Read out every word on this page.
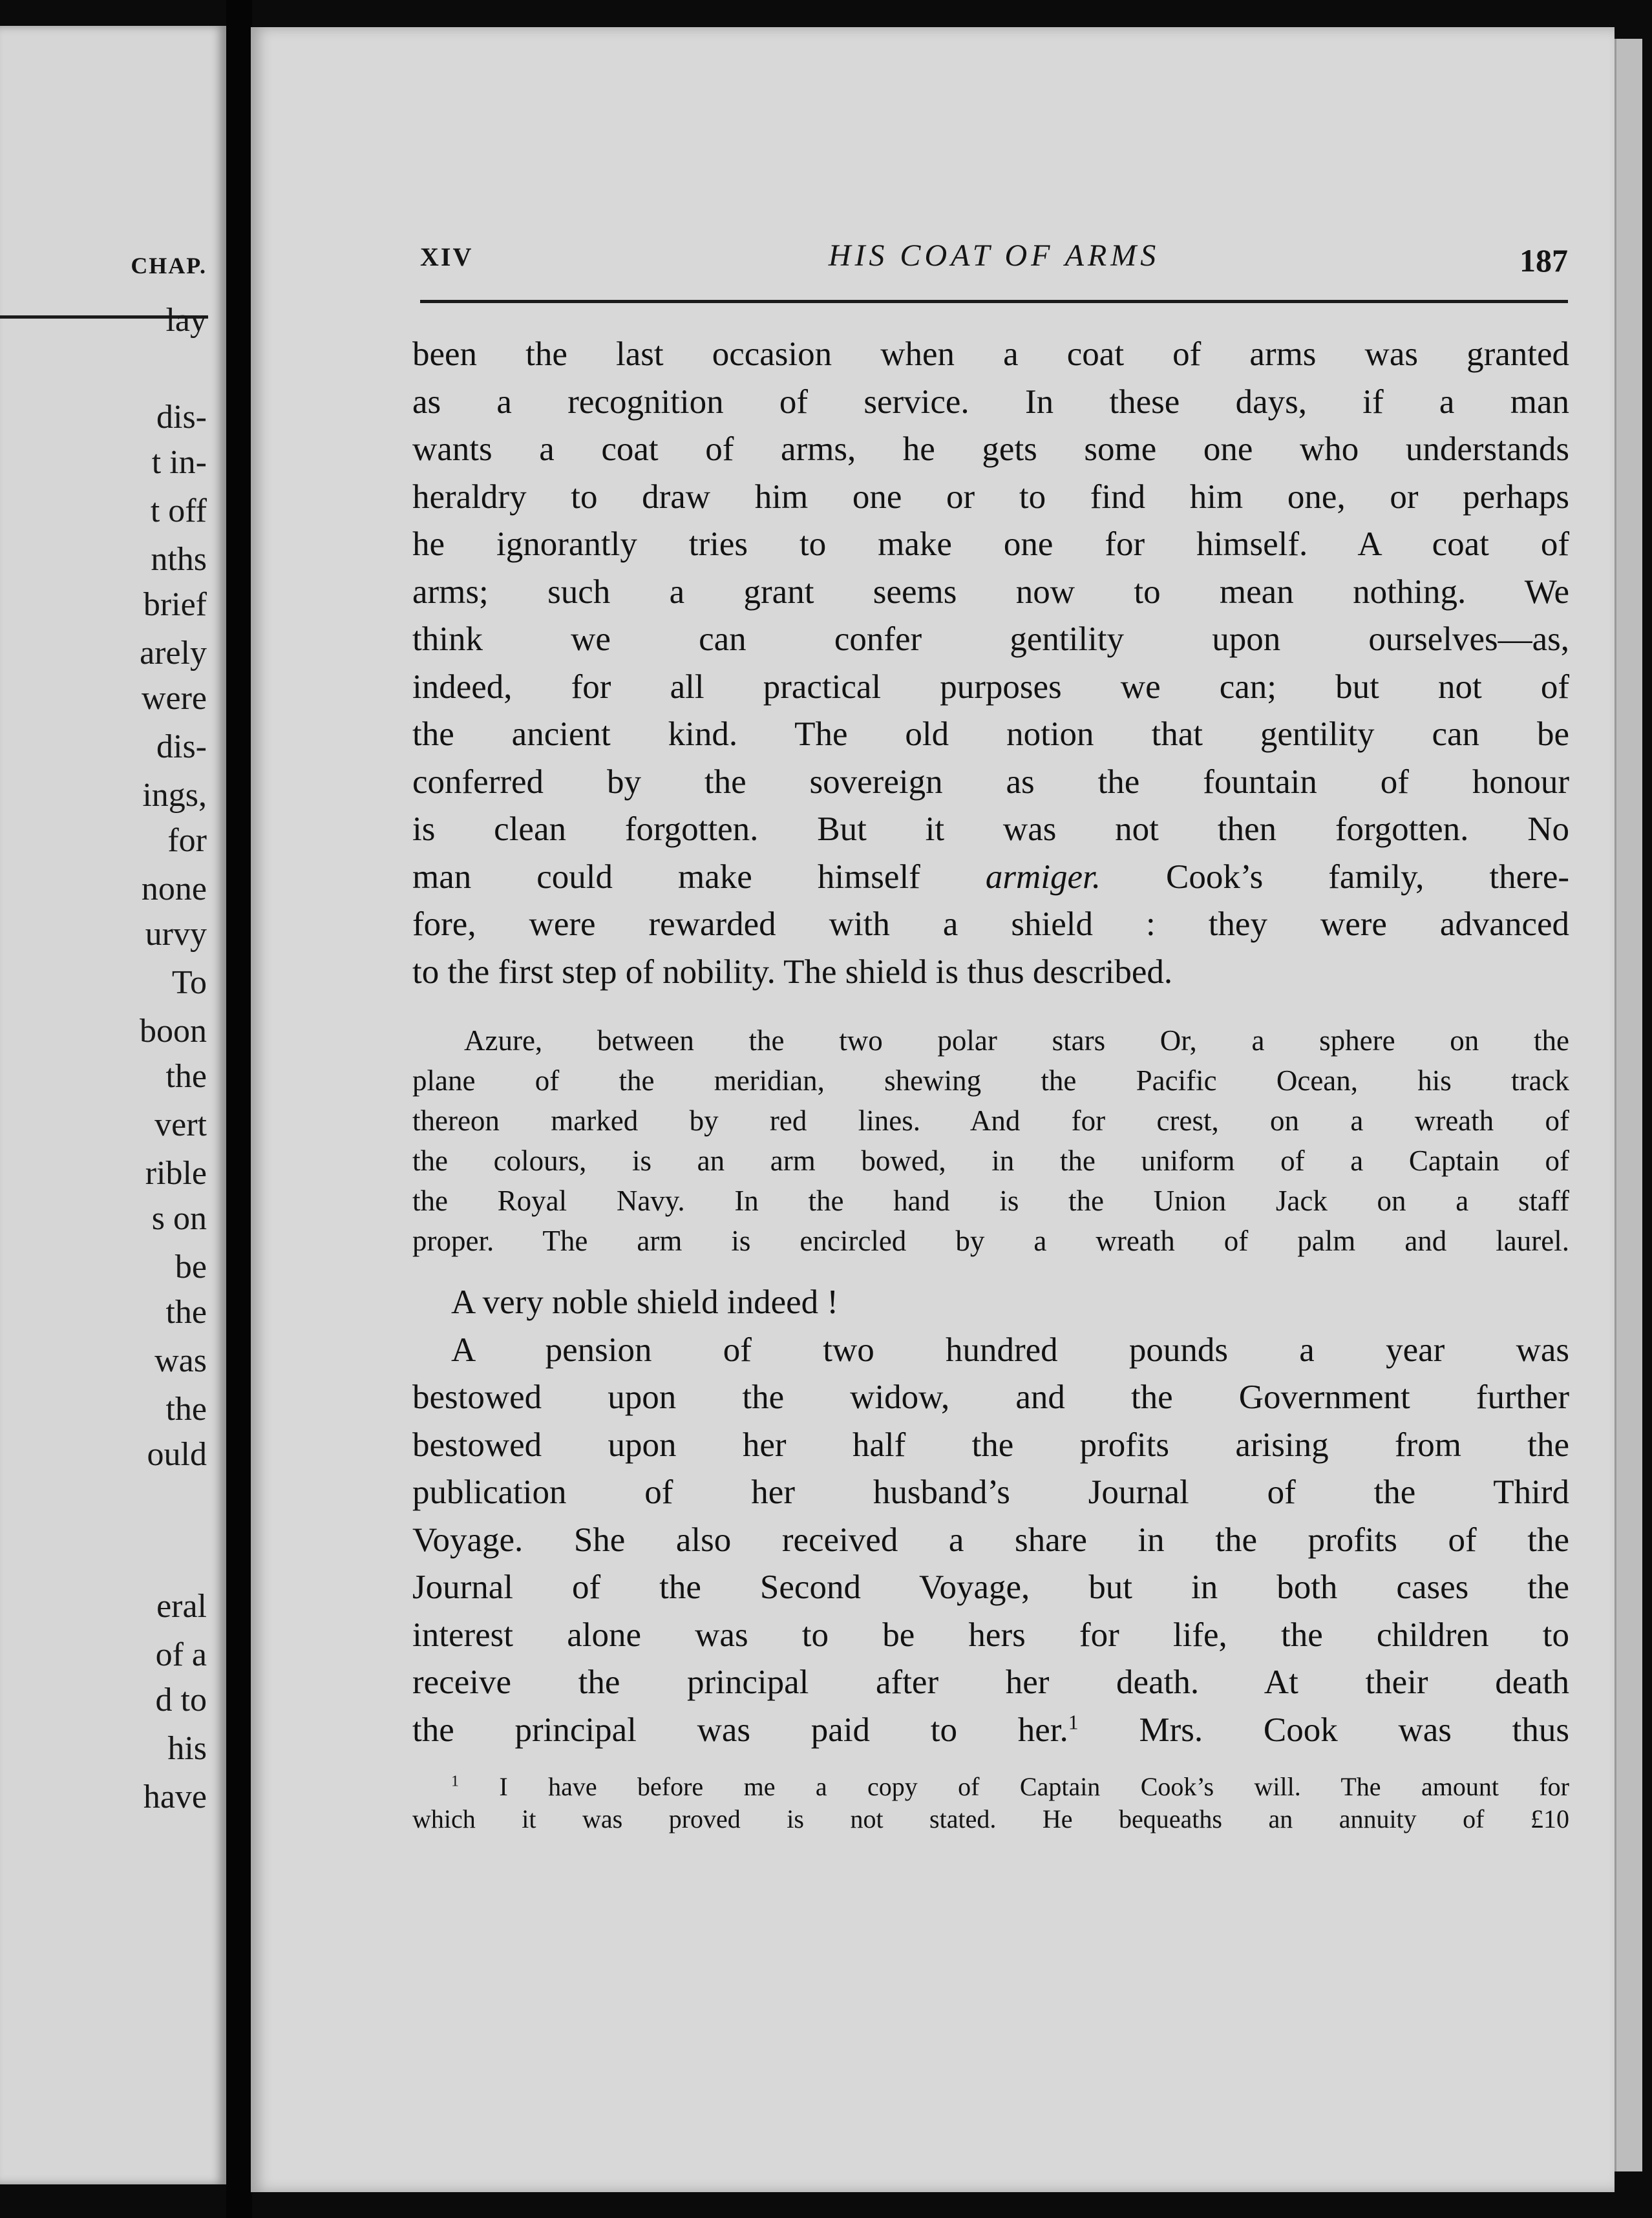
CHAP.
lay
dis-
t in-
t off
nths
brief
arely
were
dis-
ings,
for
none
urvy
To
boon
the
vert
rible
s on
be
the
was
the
ould
eral
of a
d to
his
have
XIV	HIS COAT OF ARMS	187
been the last occasion when a coat of arms was granted
as a recognition of service. In these days, if a man
wants a coat of arms, he gets some one who understands
heraldry to draw him one or to find him one, or perhaps
he ignorantly tries to make one for himself. A coat of
arms; such a grant seems now to mean nothing. We
think we can confer gentility upon ourselves—as,
indeed, for all practical purposes we can; but not of
the ancient kind. The old notion that gentility can be
conferred by the sovereign as the fountain of honour
is clean forgotten. But it was not then forgotten. No
man could make himself armiger. Cook’s family, there-
fore, were rewarded with a shield : they were advanced
to the first step of nobility. The shield is thus described.
Azure, between the two polar stars Or, a sphere on the
plane of the meridian, shewing the Pacific Ocean, his track
thereon marked by red lines. And for crest, on a wreath of
the colours, is an arm bowed, in the uniform of a Captain of
the Royal Navy. In the hand is the Union Jack on a staff
proper. The arm is encircled by a wreath of palm and laurel.
A very noble shield indeed !
A pension of two hundred pounds a year was
bestowed upon the widow, and the Government further
bestowed upon her half the profits arising from the
publication of her husband’s Journal of the Third
Voyage. She also received a share in the profits of the
Journal of the Second Voyage, but in both cases the
interest alone was to be hers for life, the children to
receive the principal after her death. At their death
the principal was paid to her.$^1$ Mrs. Cook was thus
$^1$ I have before me a copy of Captain Cook’s will. The amount for
which it was proved is not stated. He bequeaths an annuity of £10
